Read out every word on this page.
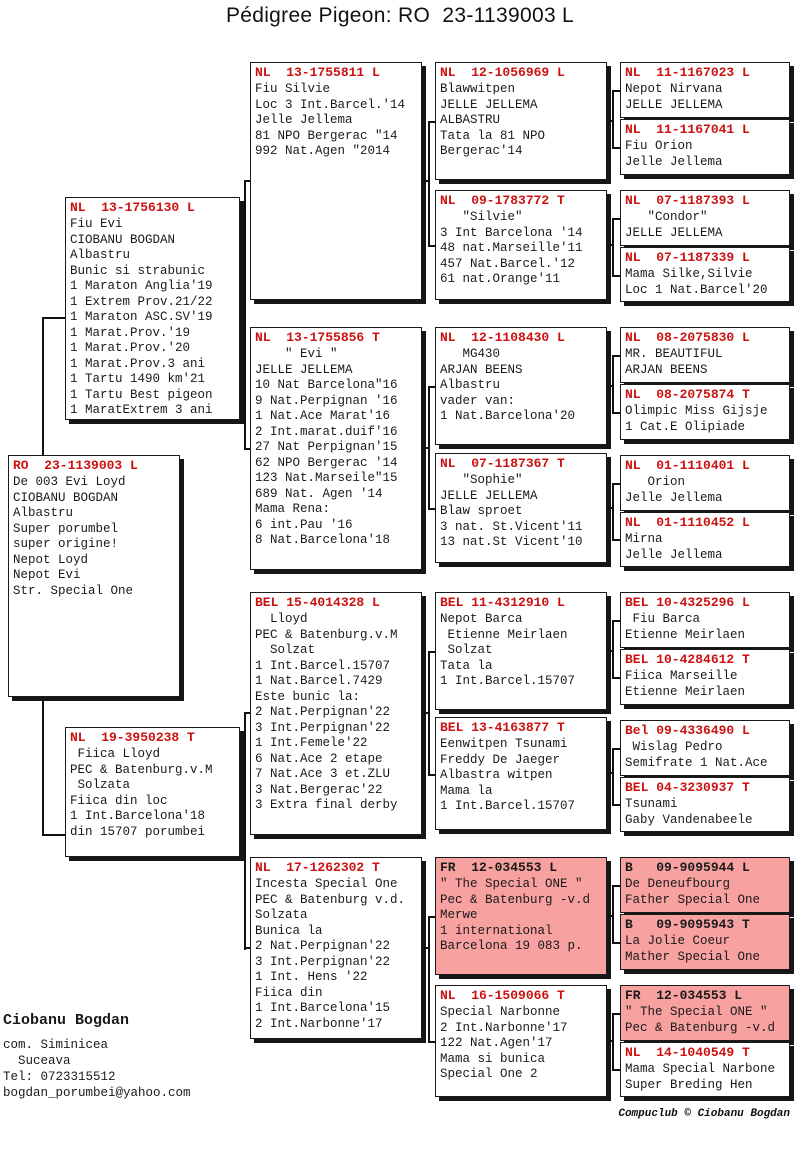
Pédigree Pigeon: RO  23-1139003 L
RO  23-1139003 L
De 003 Evi Loyd
CIOBANU BOGDAN
Albastru
Super porumbel
super origine!
Nepot Loyd
Nepot Evi
Str. Special One
NL  13-1756130 L
Fiu Evi
CIOBANU BOGDAN
Albastru
Bunic si strabunic
1 Maraton Anglia'19
1 Extrem Prov.21/22
1 Maraton ASC.SV'19
1 Marat.Prov.'19
1 Marat.Prov.'20
1 Marat.Prov.3 ani
1 Tartu 1490 km'21
1 Tartu Best pigeon
1 MaratExtrem 3 ani
NL  19-3950238 T
Fiica Lloyd
PEC & Batenburg.v.M
Solzata
Fiica din loc
1 Int.Barcelona'18
din 15707 porumbei
NL  13-1755811 L
Fiu Silvie
Loc 3 Int.Barcel.'14
Jelle Jellema
81 NPO Bergerac "14
992 Nat.Agen "2014
NL  13-1755856 T
" Evi "
JELLE JELLEMA
10 Nat Barcelona"16
9 Nat.Perpignan '16
1 Nat.Ace Marat'16
2 Int.marat.duif'16
27 Nat Perpignan'15
62 NPO Bergerac '14
123 Nat.Marseile"15
689 Nat. Agen '14
Mama Rena:
6 int.Pau '16
8 Nat.Barcelona'18
BEL 15-4014328 L
Lloyd
PEC & Batenburg.v.M
Solzat
1 Int.Barcel.15707
1 Nat.Barcel.7429
Este bunic la:
2 Nat.Perpignan'22
3 Int.Perpignan'22
1 Int.Femele'22
6 Nat.Ace 2 etape
7 Nat.Ace 3 et.ZLU
3 Nat.Bergerac'22
3 Extra final derby
NL  17-1262302 T
Incesta Special One
PEC & Batenburg v.d.
Solzata
Bunica la
2 Nat.Perpignan'22
3 Int.Perpignan'22
1 Int. Hens '22
Fiica din
1 Int.Barcelona'15
2 Int.Narbonne'17
NL  12-1056969 L
Blawwitpen
JELLE JELLEMA
ALBASTRU
Tata la 81 NPO
Bergerac'14
NL  09-1783772 T
"Silvie"
3 Int Barcelona '14
48 nat.Marseille'11
457 Nat.Barcel.'12
61 nat.Orange'11
NL  12-1108430 L
MG430
ARJAN BEENS
Albastru
vader van:
1 Nat.Barcelona'20
NL  07-1187367 T
"Sophie"
JELLE JELLEMA
Blaw sproet
3 nat. St.Vicent'11
13 nat.St Vicent'10
BEL 11-4312910 L
Nepot Barca
Etienne Meirlaen
Solzat
Tata la
1 Int.Barcel.15707
BEL 13-4163877 T
Eenwitpen Tsunami
Freddy De Jaeger
Albastra witpen
Mama la
1 Int.Barcel.15707
FR  12-034553 L
" The Special ONE "
Pec & Batenburg -v.d
Merwe
1 international
Barcelona 19 083 p.
NL  16-1509066 T
Special Narbonne
2 Int.Narbonne'17
122 Nat.Agen'17
Mama si bunica
Special One 2
NL  11-1167023 L
Nepot Nirvana
JELLE JELLEMA
NL  11-1167041 L
Fiu Orion
Jelle Jellema
NL  07-1187393 L
"Condor"
JELLE JELLEMA
NL  07-1187339 L
Mama Silke,Silvie
Loc 1 Nat.Barcel'20
NL  08-2075830 L
MR. BEAUTIFUL
ARJAN BEENS
NL  08-2075874 T
Olimpic Miss Gijsje
1 Cat.E Olipiade
NL  01-1110401 L
Orion
Jelle Jellema
NL  01-1110452 L
Mirna
Jelle Jellema
BEL 10-4325296 L
Fiu Barca
Etienne Meirlaen
BEL 10-4284612 T
Fiica Marseille
Etienne Meirlaen
Bel 09-4336490 L
Wislag Pedro
Semifrate 1 Nat.Ace
BEL 04-3230937 T
Tsunami
Gaby Vandenabeele
B   09-9095944 L
De Deneufbourg
Father Special One
B   09-9095943 T
La Jolie Coeur
Mather Special One
FR  12-034553 L
" The Special ONE "
Pec & Batenburg -v.d
NL  14-1040549 T
Mama Special Narbone
Super Breding Hen
Ciobanu Bogdan
com. Siminicea
Suceava
Tel: 0723315512
bogdan_porumbei@yahoo.com
Compuclub © Ciobanu Bogdan
